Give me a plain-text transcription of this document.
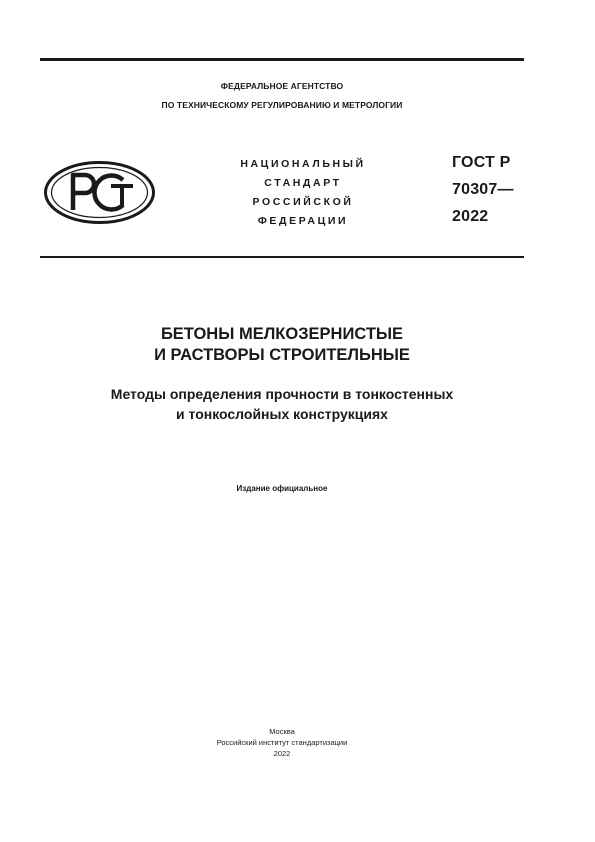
ФЕДЕРАЛЬНОЕ АГЕНТСТВО
ПО ТЕХНИЧЕСКОМУ РЕГУЛИРОВАНИЮ И МЕТРОЛОГИИ
РСТ	НАЦИОНАЛЬНЫЙ
СТАНДАРТ
РОССИЙСКОЙ
ФЕДЕРАЦИИ
ГОСТ Р
70307—
2022
БЕТОНЫ МЕЛКОЗЕРНИСТЫЕ
И РАСТВОРЫ СТРОИТЕЛЬНЫЕ
Методы определения прочности в тонкостенных
и тонкослойных конструкциях
Издание официальное
Москва
Российский институт стандартизации
2022
